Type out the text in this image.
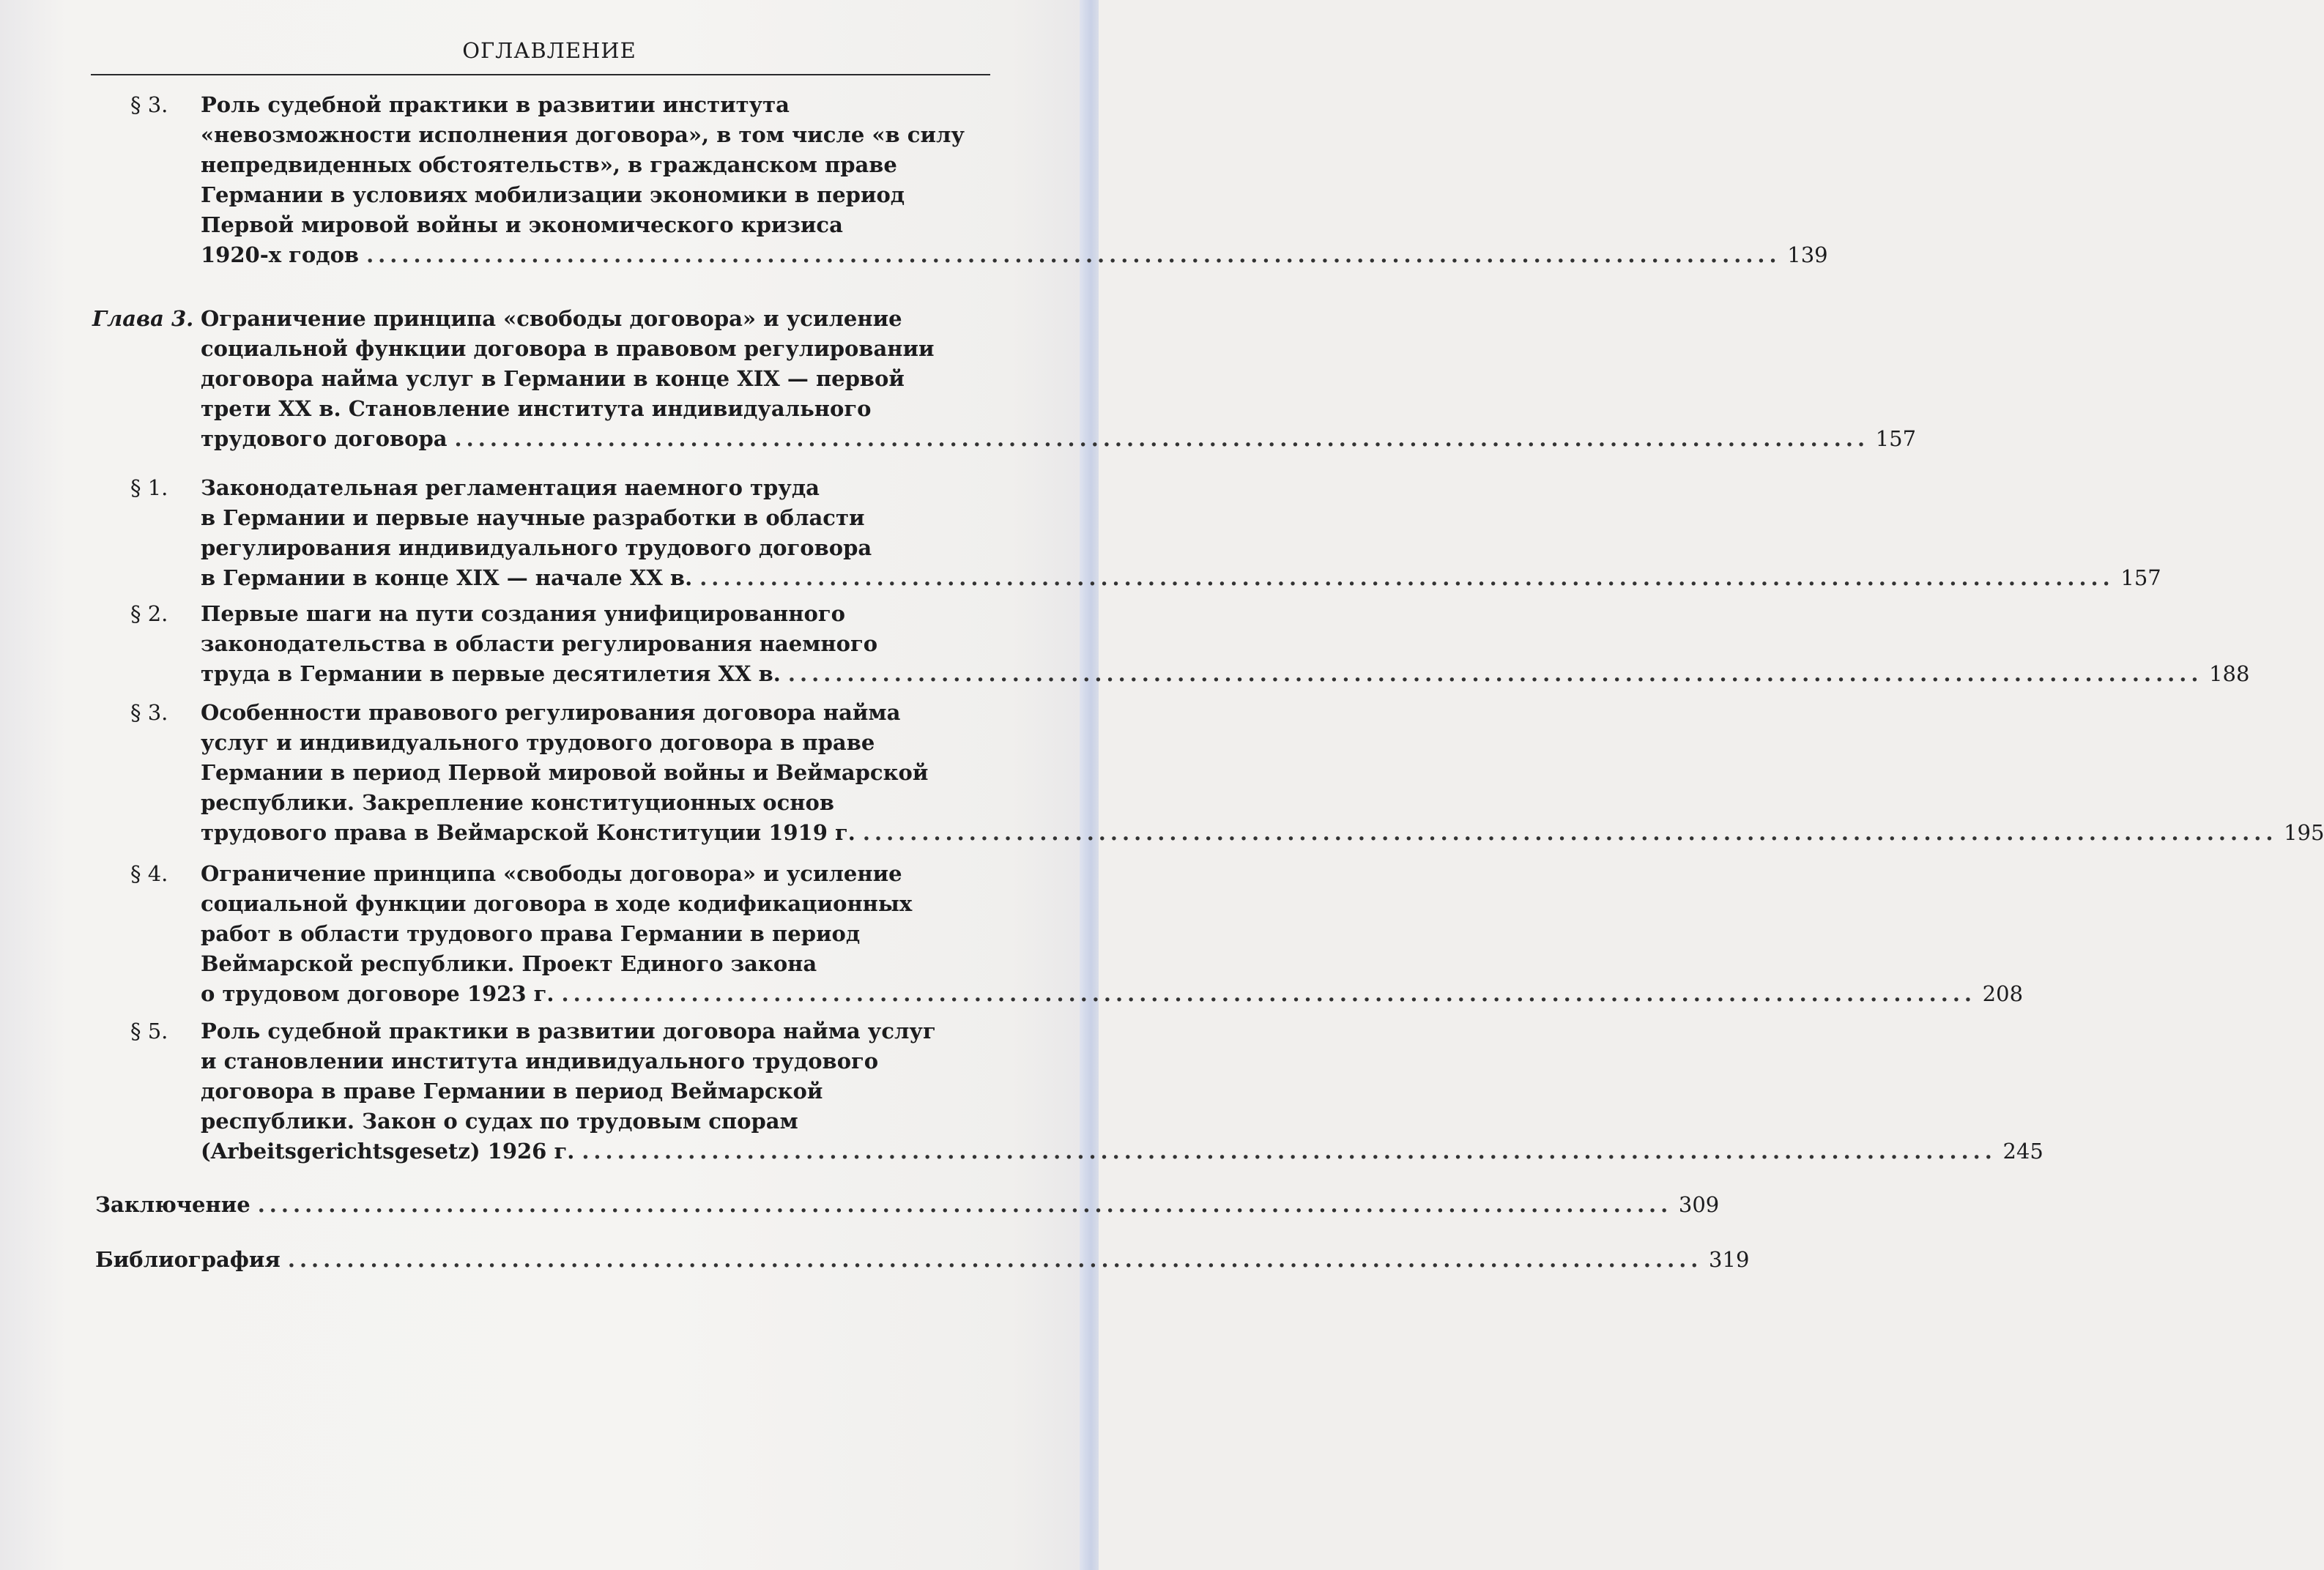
ОГЛАВЛЕНИЕ
§ 3. Роль судебной практики в развитии института
«невозможности исполнения договора», в том числе «в силу
непредвиденных обстоятельств», в гражданском праве
Германии в условиях мобилизации экономики в период
Первой мировой войны и экономического кризиса
1920-х годов ........................................................................................................................ 139
Глава 3. Ограничение принципа «свободы договора» и усиление
социальной функции договора в правовом регулировании
договора найма услуг в Германии в конце XIX — первой
трети XX в. Становление института индивидуального
трудового договора ........................................................................................................................ 157
§ 1. Законодательная регламентация наемного труда
в Германии и первые научные разработки в области
регулирования индивидуального трудового договора
в Германии в конце XIX — начале XX в. ........................................................................................................................ 157
§ 2. Первые шаги на пути создания унифицированного
законодательства в области регулирования наемного
труда в Германии в первые десятилетия XX в. ........................................................................................................................ 188
§ 3. Особенности правового регулирования договора найма
услуг и индивидуального трудового договора в праве
Германии в период Первой мировой войны и Веймарской
республики. Закрепление конституционных основ
трудового права в Веймарской Конституции 1919 г. ........................................................................................................................ 195
§ 4. Ограничение принципа «свободы договора» и усиление
социальной функции договора в ходе кодификационных
работ в области трудового права Германии в период
Веймарской республики. Проект Единого закона
о трудовом договоре 1923 г. ........................................................................................................................ 208
§ 5. Роль судебной практики в развитии договора найма услуг
и становлении института индивидуального трудового
договора в праве Германии в период Веймарской
республики. Закон о судах по трудовым спорам
(Arbeitsgerichtsgesetz) 1926 г. ........................................................................................................................ 245
Заключение ........................................................................................................................ 309
Библиография ........................................................................................................................ 319
